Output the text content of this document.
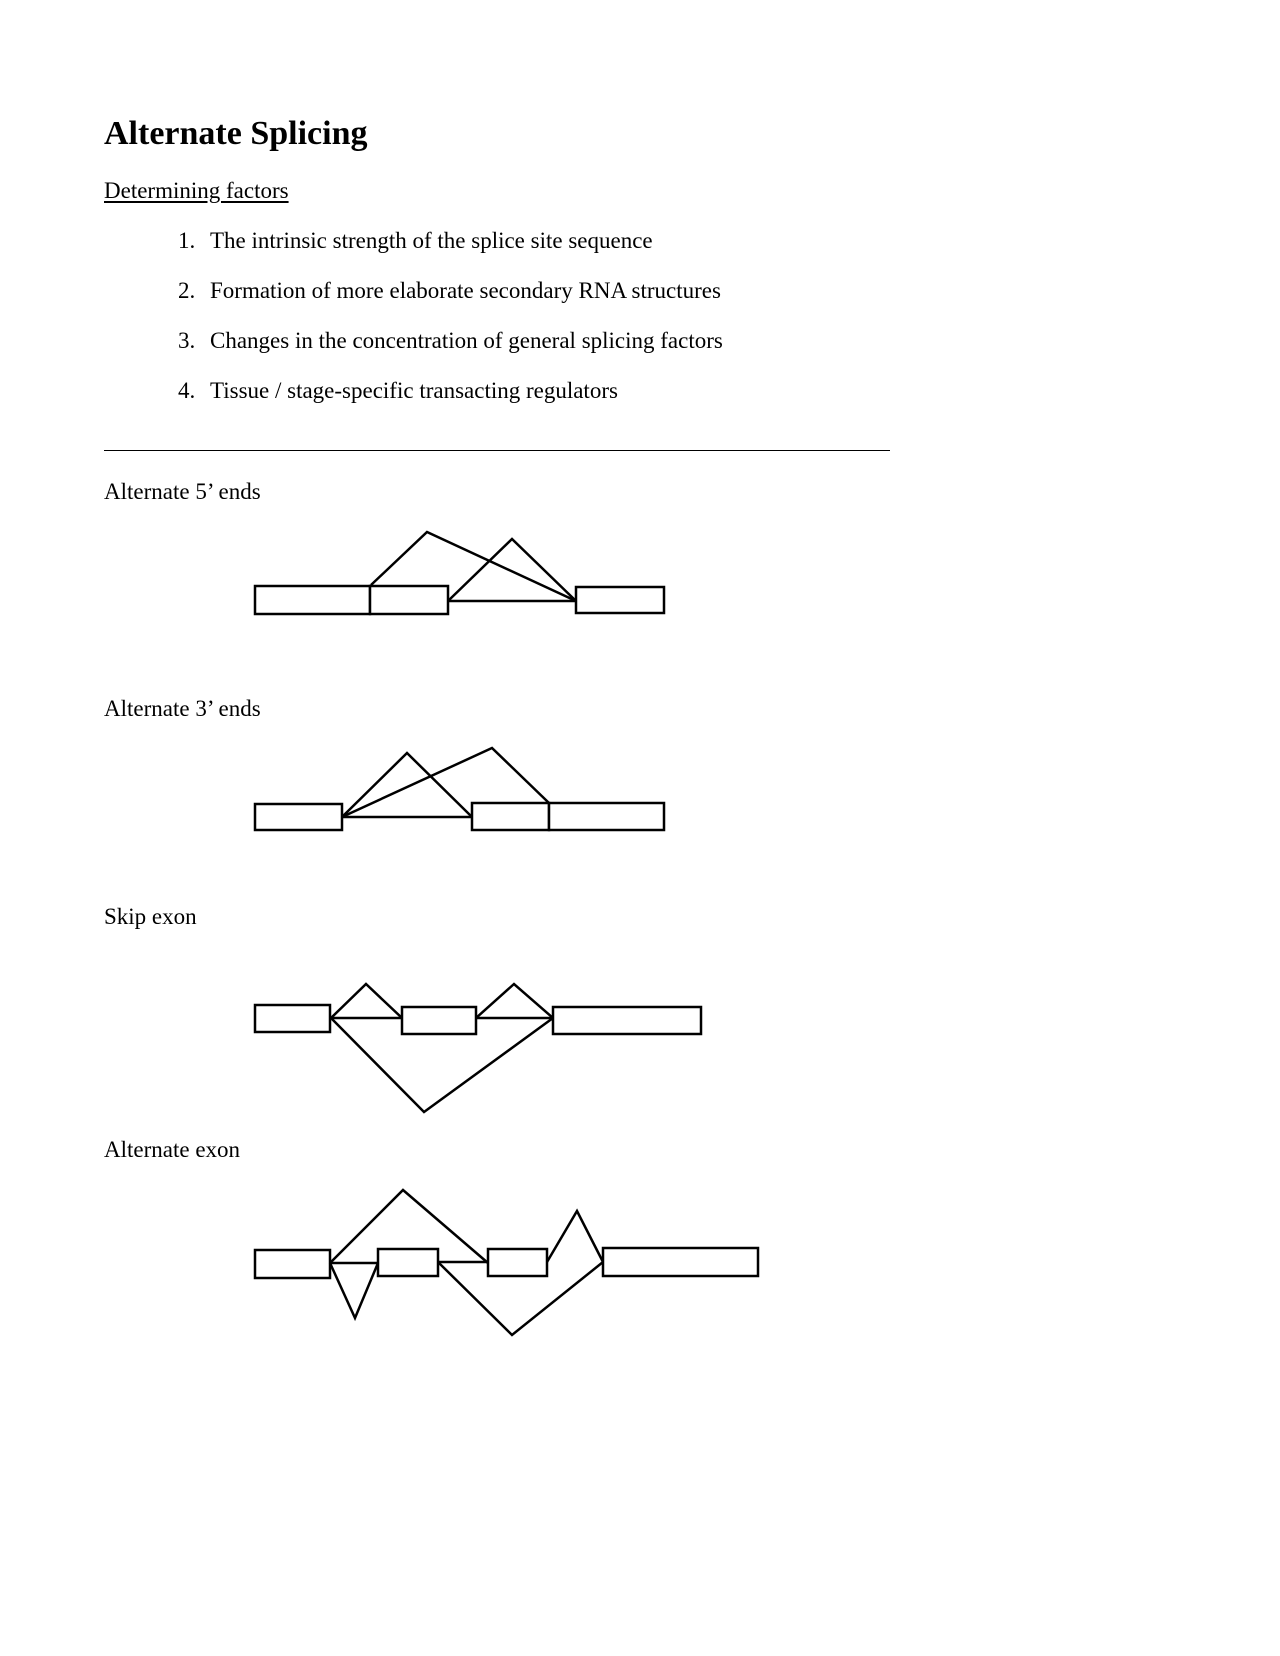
Alternate Splicing
Determining factors
1. The intrinsic strength of the splice site sequence
2. Formation of more elaborate secondary RNA structures
3. Changes in the concentration of general splicing factors
4. Tissue / stage-specific transacting regulators
Alternate 5’ ends
Alternate 3’ ends
Skip exon
Alternate exon
